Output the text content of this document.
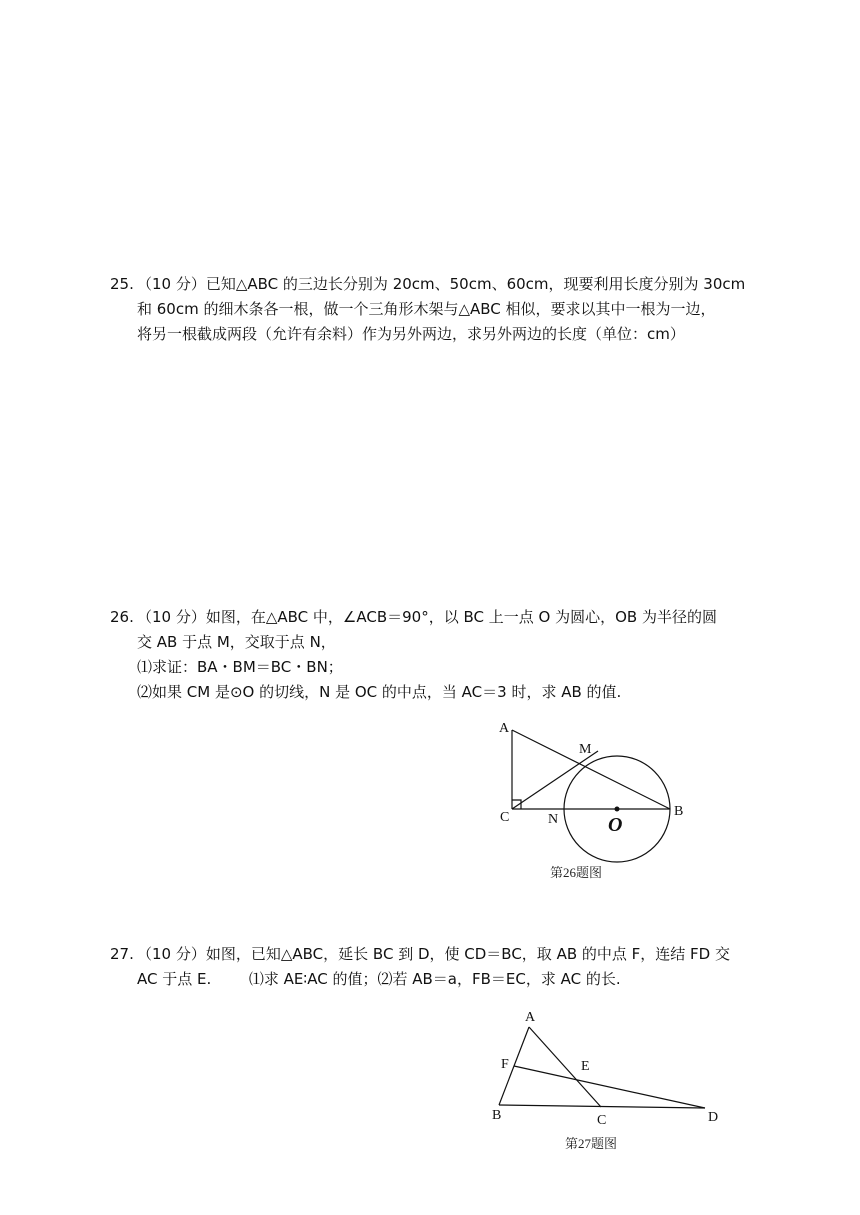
25. （10 分）已知△ABC 的三边长分别为 20cm、50cm、60cm，现要利用长度分别为 30cm

和 60cm 的细木条各一根，做一个三角形木架与△ABC 相似，要求以其中一根为一边，

将另一根截成两段（允许有余料）作为另外两边，求另外两边的长度（单位：cm）

26. （10 分）如图，在△ABC 中，∠ACB＝90°，以 BC 上一点 O 为圆心，OB 为半径的圆

交 AB 于点 M，交取于点 N，

⑴求证：BA・BM＝BC・BN；

⑵如果 CM 是⊙O 的切线，N 是 OC 的中点，当 AC＝3 时，求 AB 的值.

A
M
C	N O
B
第26题图

27. （10 分）如图，已知△ABC，延长 BC 到 D，使 CD＝BC，取 AB 的中点 F，连结 FD 交

AC 于点 E.	⑴求 AE∶AC 的值；⑵若 AB＝a，FB＝EC，求 AC 的长.

A
F	E
B	C	D
第27题图
